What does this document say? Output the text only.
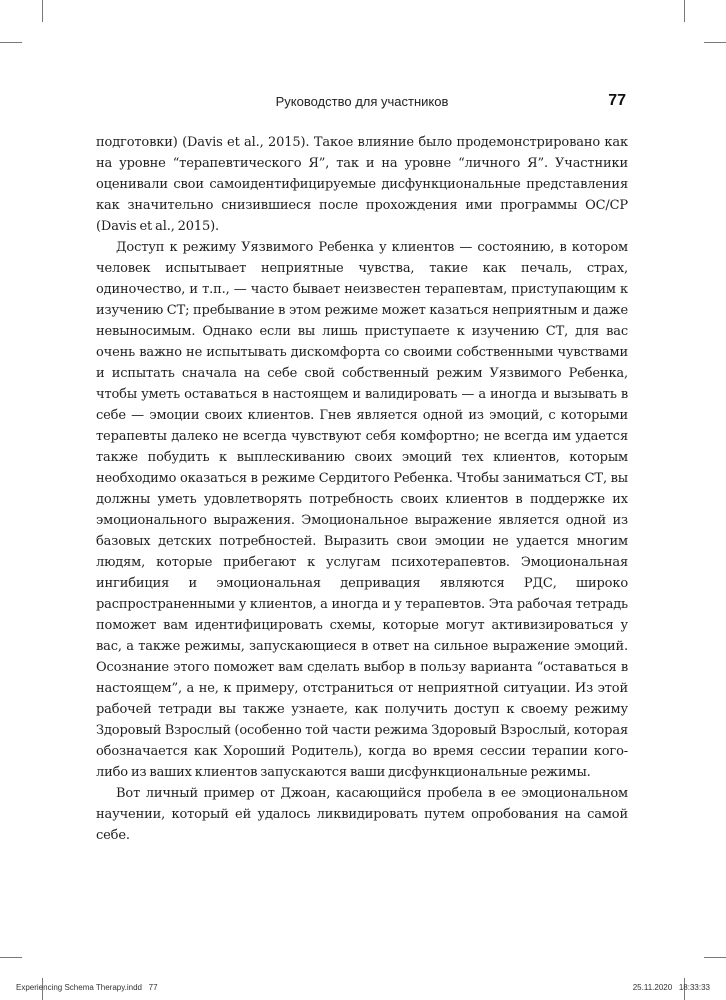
Руководство для участников	77

подготовки) (Davis et al., 2015). Такое влияние было продемонстрировано как на уровне “терапевтического Я”, так и на уровне “личного Я”. Участники оценивали свои самоидентифицируемые дисфункциональные представления как значительно снизившиеся после прохождения ими программы ОС/СР (Davis et al., 2015).

Доступ к режиму Уязвимого Ребенка у клиентов — состоянию, в котором человек испытывает неприятные чувства, такие как печаль, страх, одиночество, и т.п., — часто бывает неизвестен терапевтам, приступающим к изучению СТ; пребывание в этом режиме может казаться неприятным и даже невыносимым. Однако если вы лишь приступаете к изучению СТ, для вас очень важно не испытывать дискомфорта со своими собственными чувствами и испытать сначала на себе свой собственный режим Уязвимого Ребенка, чтобы уметь оставаться в настоящем и валидировать — а иногда и вызывать в себе — эмоции своих клиентов. Гнев является одной из эмоций, с которыми терапевты далеко не всегда чувствуют себя комфортно; не всегда им удается также побудить к выплескиванию своих эмоций тех клиентов, которым необходимо оказаться в режиме Сердитого Ребенка. Чтобы заниматься СТ, вы должны уметь удовлетворять потребность своих клиентов в поддержке их эмоционального выражения. Эмоциональное выражение является одной из базовых детских потребностей. Выразить свои эмоции не удается многим людям, которые прибегают к услугам психотерапевтов. Эмоциональная ингибиция и эмоциональная депривация являются РДС, широко распространенными у клиентов, а иногда и у терапевтов. Эта рабочая тетрадь поможет вам идентифицировать схемы, которые могут активизироваться у вас, а также режимы, запускающиеся в ответ на сильное выражение эмоций. Осознание этого поможет вам сделать выбор в пользу варианта “оставаться в настоящем”, а не, к примеру, отстраниться от неприятной ситуации. Из этой рабочей тетради вы также узнаете, как получить доступ к своему режиму Здоровый Взрослый (особенно той части режима Здоровый Взрослый, которая обозначается как Хороший Родитель), когда во время сессии терапии кого-либо из ваших клиентов запускаются ваши дисфункциональные режимы.

Вот личный пример от Джоан, касающийся пробела в ее эмоциональном научении, который ей удалось ликвидировать путем опробования на самой себе.

Experiencing Schema Therapy.indd   77	25.11.2020   18:33:33
